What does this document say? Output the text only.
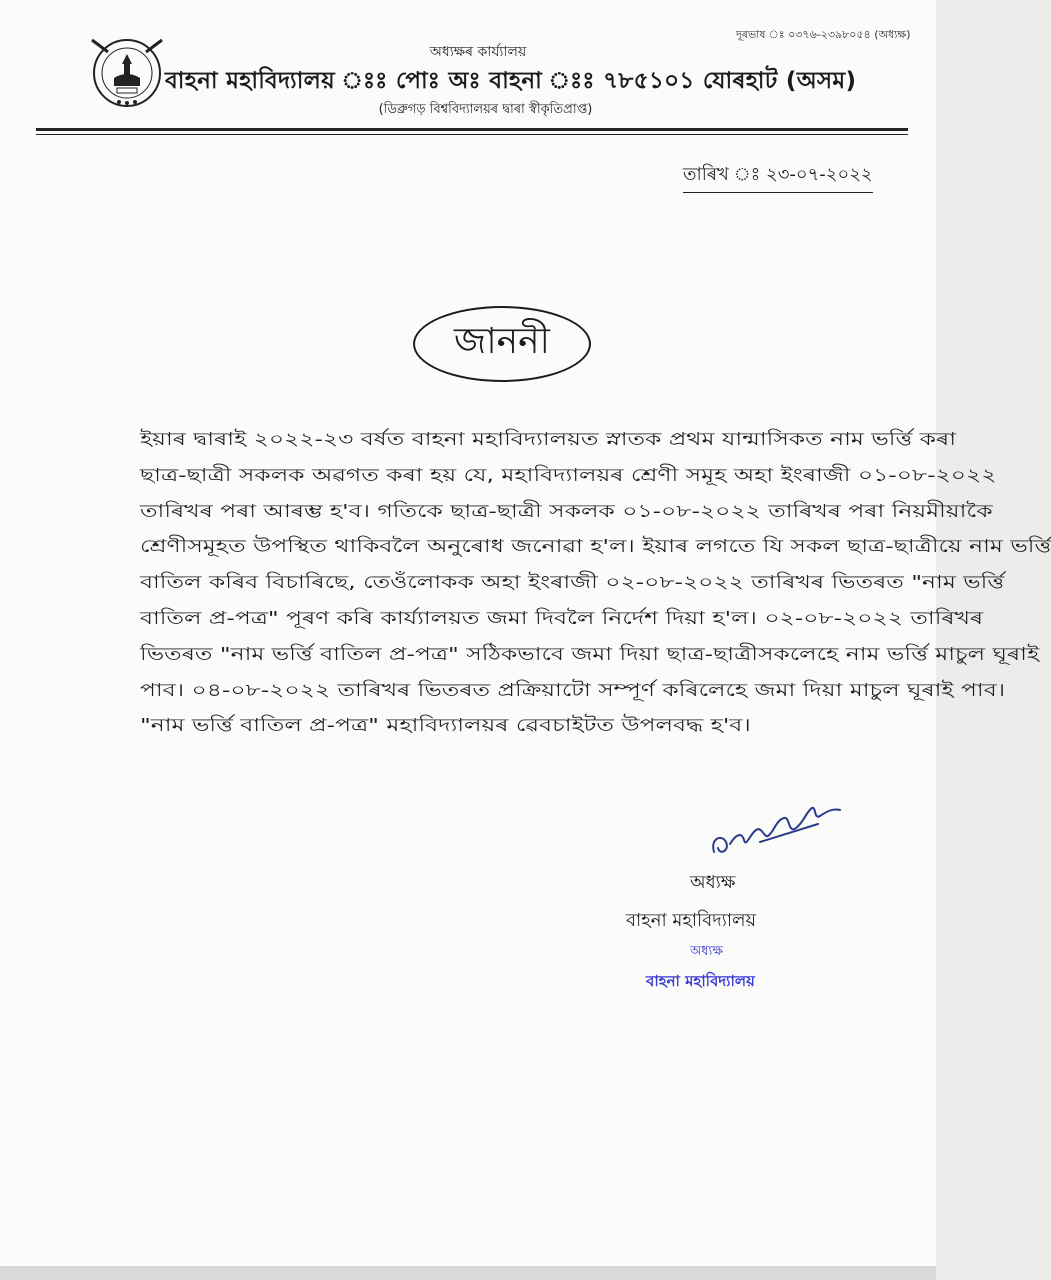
দূৰভাষ ঃ ০৩৭৬-২৩৯৮০৫৪ (অধ্যক্ষ)
অধ্যক্ষৰ কাৰ্য্যালয়
বাহনা মহাবিদ্যালয় ঃঃ পোঃ অঃ বাহনা ঃঃ ৭৮৫১০১ যোৰহাট (অসম)
(ডিব্ৰুগড় বিশ্ববিদ্যালয়ৰ দ্বাৰা স্বীকৃতিপ্ৰাপ্ত)
তাৰিখ ঃ ২৩-০৭-২০২২
জাননী
ইয়াৰ দ্বাৰাই ২০২২-২৩ বৰ্ষত বাহনা মহাবিদ্যালয়ত স্নাতক প্ৰথম যান্মাসিকত নাম ভৰ্ত্তি কৰা
ছাত্ৰ-ছাত্ৰী সকলক অৱগত কৰা হয় যে, মহাবিদ্যালয়ৰ শ্ৰেণী সমূহ অহা ইংৰাজী ০১-০৮-২০২২
তাৰিখৰ পৰা আৰম্ভ হ'ব। গতিকে ছাত্ৰ-ছাত্ৰী সকলক ০১-০৮-২০২২ তাৰিখৰ পৰা নিয়মীয়াকৈ
শ্ৰেণীসমূহত উপস্থিত থাকিবলৈ অনুৰোধ জনোৱা হ'ল। ইয়াৰ লগতে যি সকল ছাত্ৰ-ছাত্ৰীয়ে নাম ভৰ্ত্তি
বাতিল কৰিব বিচাৰিছে, তেওঁলোকক অহা ইংৰাজী ০২-০৮-২০২২ তাৰিখৰ ভিতৰত "নাম ভৰ্ত্তি
বাতিল প্ৰ-পত্ৰ" পূৰণ কৰি কাৰ্য্যালয়ত জমা দিবলৈ নিৰ্দেশ দিয়া হ'ল। ০২-০৮-২০২২ তাৰিখৰ
ভিতৰত "নাম ভৰ্ত্তি বাতিল প্ৰ-পত্ৰ" সঠিকভাবে জমা দিয়া ছাত্ৰ-ছাত্ৰীসকলেহে নাম ভৰ্ত্তি মাচুল ঘূৰাই
পাব। ০৪-০৮-২০২২ তাৰিখৰ ভিতৰত প্ৰক্ৰিয়াটো সম্পূৰ্ণ কৰিলেহে জমা দিয়া মাচুল ঘূৰাই পাব।
"নাম ভৰ্ত্তি বাতিল প্ৰ-পত্ৰ" মহাবিদ্যালয়ৰ ৱেবচাইটত উপলবদ্ধ হ'ব।
অধ্যক্ষ
বাহনা মহাবিদ্যালয়
অধ্যক্ষ
বাহনা মহাবিদ্যালয়
